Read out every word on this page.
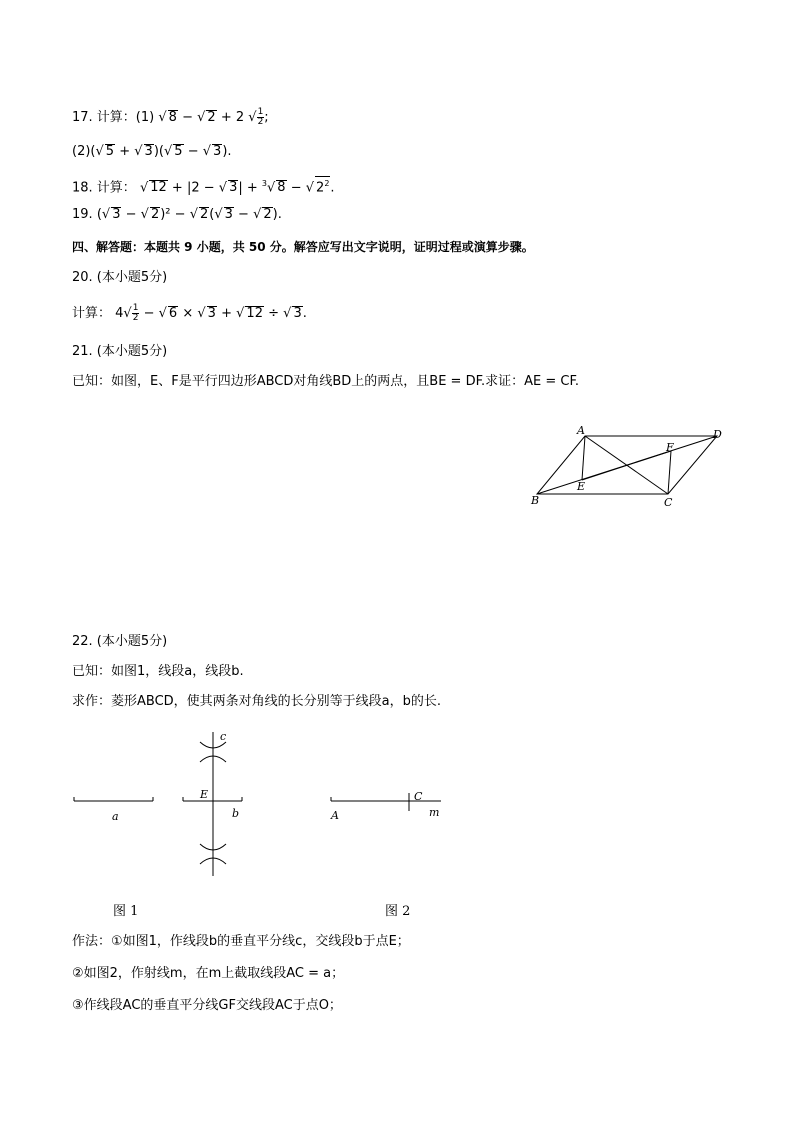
17. 计算：(1) √ 8 − √ 2 + 2 √ $\frac{1}{2}$ ;
(2)(√ 5 + √ 3)(√ 5 − √ 3).
18. 计算： √ 12 + |2 − √ 3| + $^3$√ 8 − √ $2^2$.
19. (√ 3 − √ 2)² − √ 2(√ 3 − √ 2).
四、解答题：本题共 9 小题，共 50 分。解答应写出文字说明，证明过程或演算步骤。
20. (本小题5分)
计算： $4√ \frac{1}{2}$ − √ 6 × √ 3 + √ 12 ÷ √ 3.
21. (本小题5分)
已知：如图，E、F是平行四边形ABCD对角线BD上的两点，且BE = DF.求证：AE = CF.
A	D
F
E
B	C
22. (本小题5分)
已知：如图1，线段a，线段b.
求作：菱形ABCD，使其两条对角线的长分别等于线段a，b的长.
c
E
a	b
C
A	m
图 1	图 2
作法：①如图1，作线段b的垂直平分线c，交线段b于点E；
②如图2，作射线m，在m上截取线段AC = a；
③作线段AC的垂直平分线GF交线段AC于点O；
